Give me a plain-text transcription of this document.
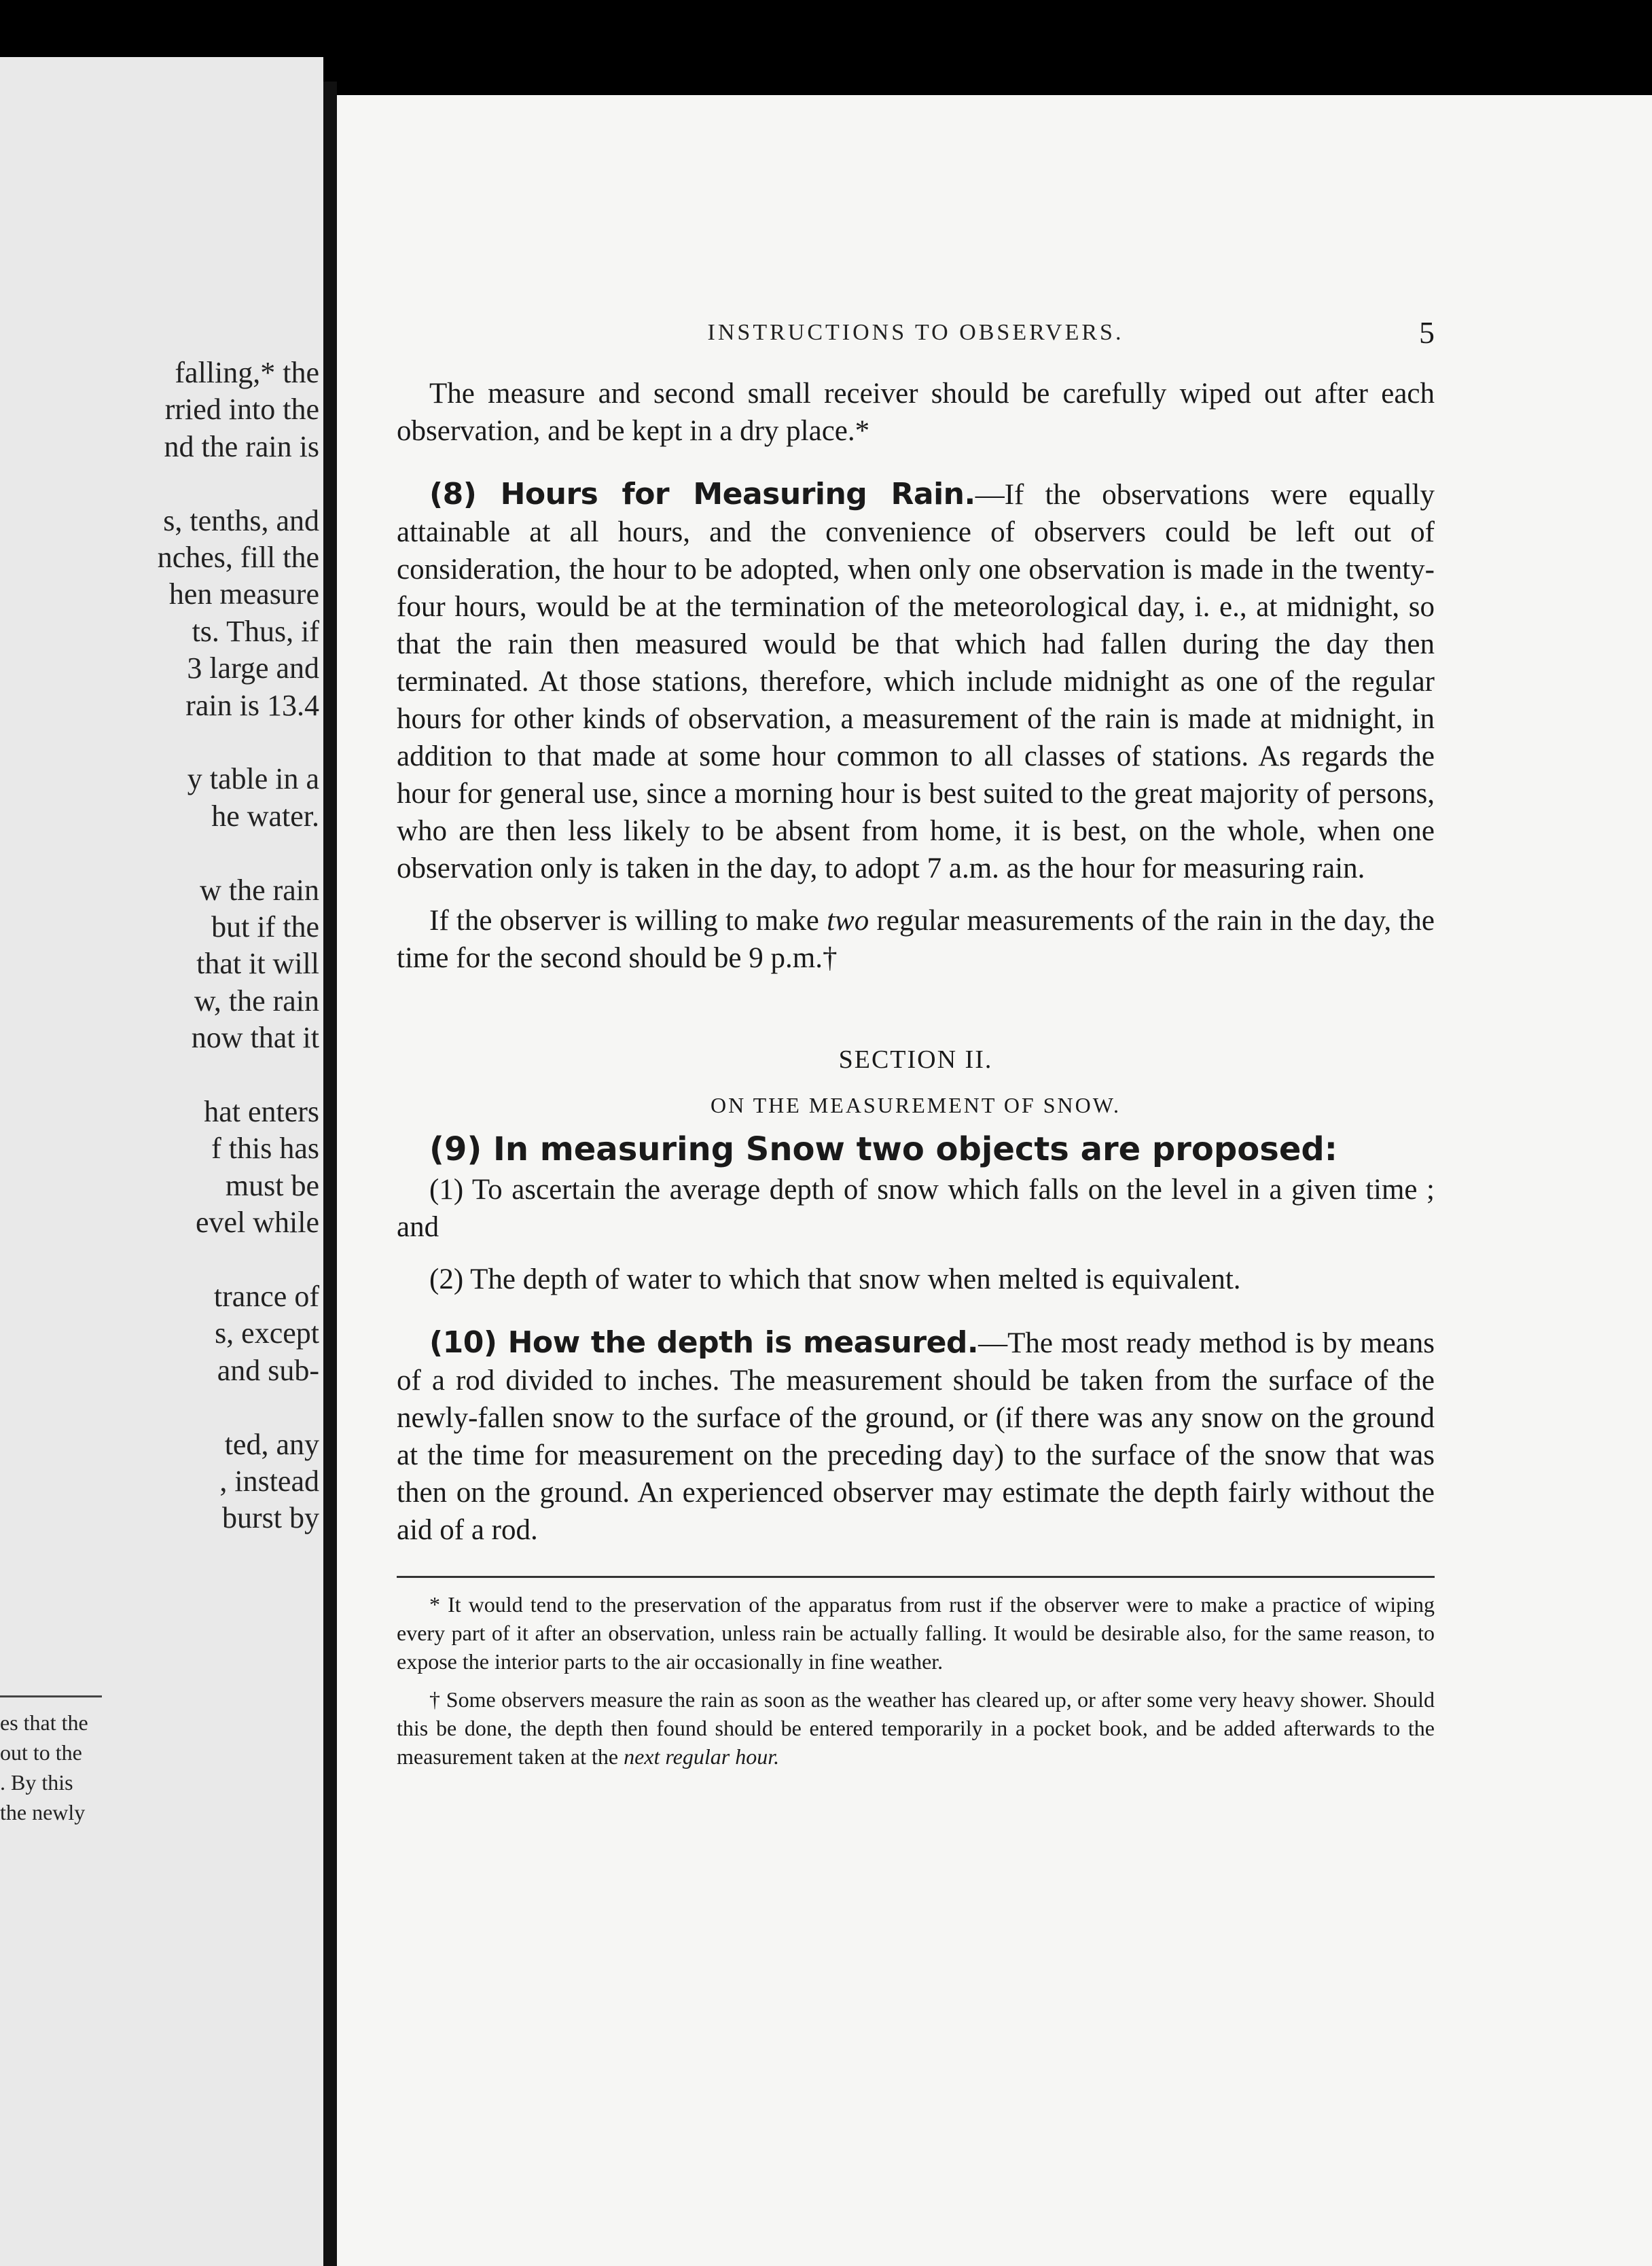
falling,* the
rried into the
nd the rain is
s, tenths, and
nches, fill the
hen measure
ts. Thus, if
3 large and
rain is 13.4
y table in a
he water.
w the rain
but if the
that it will
w, the rain
now that it
hat enters
f this has
must be
evel while
trance of
s, except
and sub-
ted, any
, instead
burst by
es that the
out to the
. By this
the newly
INSTRUCTIONS TO OBSERVERS.	5

The measure and second small receiver should be carefully wiped out after each observation, and be kept in a dry place.*

(8) Hours for Measuring Rain.—If the observations were equally attainable at all hours, and the convenience of observers could be left out of consideration, the hour to be adopted, when only one observation is made in the twenty-four hours, would be at the termination of the meteorological day, i. e., at midnight, so that the rain then measured would be that which had fallen during the day then terminated. At those stations, therefore, which include midnight as one of the regular hours for other kinds of observation, a measurement of the rain is made at midnight, in addition to that made at some hour common to all classes of stations. As regards the hour for general use, since a morning hour is best suited to the great majority of persons, who are then less likely to be absent from home, it is best, on the whole, when one observation only is taken in the day, to adopt 7 a.m. as the hour for measuring rain.

If the observer is willing to make two regular measurements of the rain in the day, the time for the second should be 9 p.m.†

SECTION II.

ON THE MEASUREMENT OF SNOW.

(9) In measuring Snow two objects are proposed:

(1) To ascertain the average depth of snow which falls on the level in a given time ; and

(2) The depth of water to which that snow when melted is equivalent.

(10) How the depth is measured.—The most ready method is by means of a rod divided to inches. The measurement should be taken from the surface of the newly-fallen snow to the surface of the ground, or (if there was any snow on the ground at the time for measurement on the preceding day) to the surface of the snow that was then on the ground. An experienced observer may estimate the depth fairly without the aid of a rod.

* It would tend to the preservation of the apparatus from rust if the observer were to make a practice of wiping every part of it after an observation, unless rain be actually falling. It would be desirable also, for the same reason, to expose the interior parts to the air occasionally in fine weather.

† Some observers measure the rain as soon as the weather has cleared up, or after some very heavy shower. Should this be done, the depth then found should be entered temporarily in a pocket book, and be added afterwards to the measurement taken at the next regular hour.
